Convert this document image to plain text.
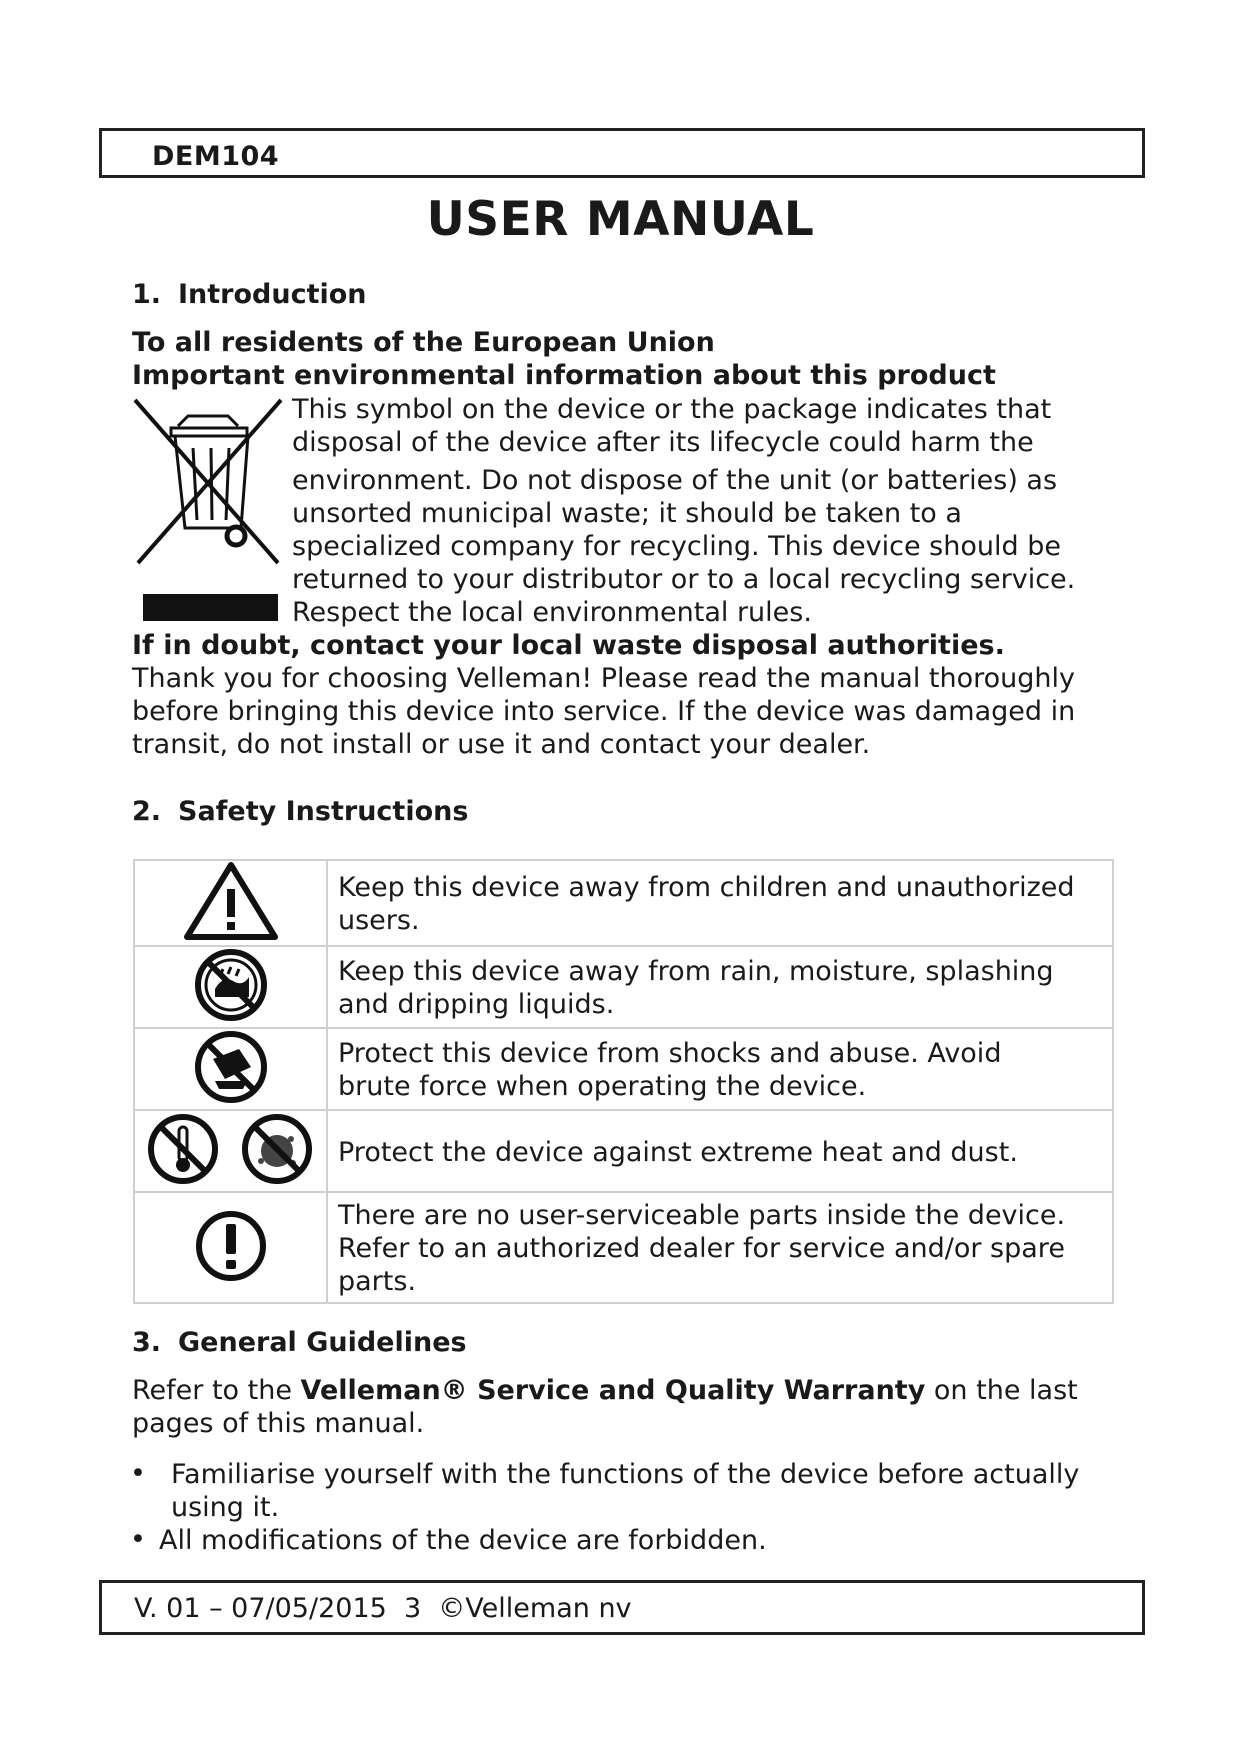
DEM104
USER MANUAL
1. Introduction
To all residents of the European Union
Important environmental information about this product
This symbol on the device or the package indicates that
disposal of the device after its lifecycle could harm the
environment. Do not dispose of the unit (or batteries) as
unsorted municipal waste; it should be taken to a
specialized company for recycling. This device should be
returned to your distributor or to a local recycling service.
Respect the local environmental rules.
If in doubt, contact your local waste disposal authorities.
Thank you for choosing Velleman! Please read the manual thoroughly
before bringing this device into service. If the device was damaged in
transit, do not install or use it and contact your dealer.
2. Safety Instructions
	Keep this device away from children and unauthorized
users.
	Keep this device away from rain, moisture, splashing
and dripping liquids.
	Protect this device from shocks and abuse. Avoid
brute force when operating the device.
	Protect the device against extreme heat and dust.
	There are no user-serviceable parts inside the device.
Refer to an authorized dealer for service and/or spare
parts.
3. General Guidelines
Refer to the Velleman® Service and Quality Warranty on the last
pages of this manual.
• Familiarise yourself with the functions of the device before actually
using it.
• All modifications of the device are forbidden.
V. 01 – 07/05/2015  3  ©Velleman nv
